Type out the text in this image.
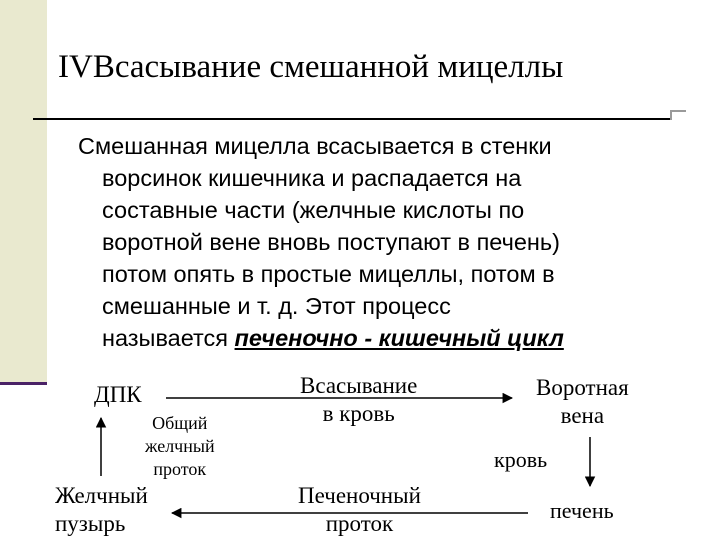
IVВсасывание смешанной мицеллы
Смешанная мицелла всасывается в стенки
ворсинок кишечника и распадается на
составные части (желчные кислоты по
воротной вене вновь поступают в печень)
потом опять в простые мицеллы, потом в
смешанные и т. д. Этот процесс
называется печеночно - кишечный цикл
ДПК	Всасывание
в кровь
Воротная
вена
Общий
желчный
проток	кровь
Желчный
пузырь
Печеночный
проток
печень
